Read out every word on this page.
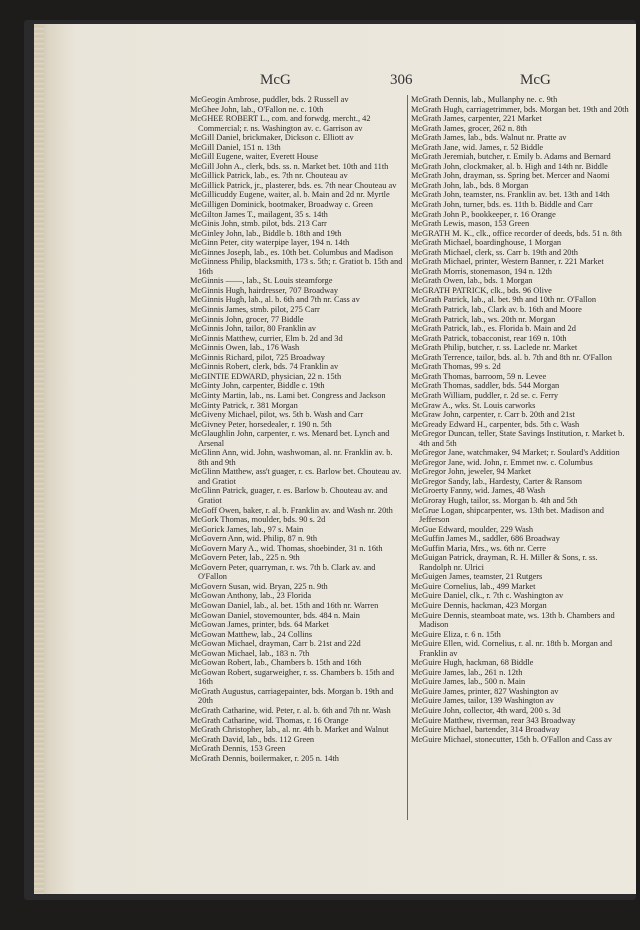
McG	306	McG
McGeogin Ambrose, puddler, bds. 2 Russell av
McGhee John, lab., O'Fallon ne. c. 10th
McGHEE ROBERT L., com. and forwdg. mercht., 42 Commercial; r. ns. Washington av. c. Garrison av
McGill Daniel, brickmaker, Dickson c. Elliott av
McGill Daniel, 151 n. 13th
McGill Eugene, waiter, Everett House
McGill John A., clerk, bds. ss. n. Market bet. 10th and 11th
McGillick Patrick, lab., es. 7th nr. Chouteau av
McGillick Patrick, jr., plasterer, bds. es. 7th near Chouteau av
McGillicuddy Eugene, waiter, al. b. Main and 2d nr. Myrtle
McGilligen Dominick, bootmaker, Broadway c. Green
McGilton James T., mailagent, 35 s. 14th
McGinis John, stmb. pilot, bds. 213 Carr
McGinley John, lab., Biddle b. 18th and 19th
McGinn Peter, city waterpipe layer, 194 n. 14th
McGinnes Joseph, lab., es. 10th bet. Columbus and Madison
McGinness Philip, blacksmith, 173 s. 5th; r. Gratiot b. 15th and 16th
McGinnis ——, lab., St. Louis steamforge
McGinnis Hugh, hairdresser, 707 Broadway
McGinnis Hugh, lab., al. b. 6th and 7th nr. Cass av
McGinnis James, stmb. pilot, 275 Carr
McGinnis John, grocer, 77 Biddle
McGinnis John, tailor, 80 Franklin av
McGinnis Matthew, currier, Elm b. 2d and 3d
McGinnis Owen, lab., 176 Wash
McGinnis Richard, pilot, 725 Broadway
McGinnis Robert, clerk, bds. 74 Franklin av
McGINTIE EDWARD, physician, 22 n. 15th
McGinty John, carpenter, Biddle c. 19th
McGinty Martin, lab., ns. Lami bet. Congress and Jackson
McGinty Patrick, r. 381 Morgan
McGiveny Michael, pilot, ws. 5th b. Wash and Carr
McGivney Peter, horsedealer, r. 190 n. 5th
McGlaughlin John, carpenter, r. ws. Menard bet. Lynch and Arsenal
McGlinn Ann, wid. John, washwoman, al. nr. Franklin av. b. 8th and 9th
McGlinn Matthew, ass't guager, r. cs. Barlow bet. Chouteau av. and Gratiot
McGlinn Patrick, guager, r. es. Barlow b. Chouteau av. and Gratiot
McGoff Owen, baker, r. al. b. Franklin av. and Wash nr. 20th
McGork Thomas, moulder, bds. 90 s. 2d
McGorick James, lab., 97 s. Main
McGovern Ann, wid. Philip, 87 n. 9th
McGovern Mary A., wid. Thomas, shoebinder, 31 n. 16th
McGovern Peter, lab., 225 n. 9th
McGovern Peter, quarryman, r. ws. 7th b. Clark av. and O'Fallon
McGovern Susan, wid. Bryan, 225 n. 9th
McGowan Anthony, lab., 23 Florida
McGowan Daniel, lab., al. bet. 15th and 16th nr. Warren
McGowan Daniel, stovemounter, bds. 484 n. Main
McGowan James, printer, bds. 64 Market
McGowan Matthew, lab., 24 Collins
McGowan Michael, drayman, Carr b. 21st and 22d
McGowan Michael, lab., 183 n. 7th
McGowan Robert, lab., Chambers b. 15th and 16th
McGowan Robert, sugarweigher, r. ss. Chambers b. 15th and 16th
McGrath Augustus, carriagepainter, bds. Morgan b. 19th and 20th
McGrath Catharine, wid. Peter, r. al. b. 6th and 7th nr. Wash
McGrath Catharine, wid. Thomas, r. 16 Orange
McGrath Christopher, lab., al. nr. 4th b. Market and Walnut
McGrath David, lab., bds. 112 Green
McGrath Dennis, 153 Green
McGrath Dennis, boilermaker, r. 205 n. 14th
McGrath Dennis, lab., Mullanphy ne. c. 9th
McGrath Hugh, carriagetrimmer, bds. Morgan bet. 19th and 20th
McGrath James, carpenter, 221 Market
McGrath James, grocer, 262 n. 8th
McGrath James, lab., bds. Walnut nr. Pratte av
McGrath Jane, wid. James, r. 52 Biddle
McGrath Jeremiah, butcher, r. Emily b. Adams and Bernard
McGrath John, clockmaker, al. b. High and 14th nr. Biddle
McGrath John, drayman, ss. Spring bet. Mercer and Naomi
McGrath John, lab., bds. 8 Morgan
McGrath John, teamster, ns. Franklin av. bet. 13th and 14th
McGrath John, turner, bds. es. 11th b. Biddle and Carr
McGrath John P., bookkeeper, r. 16 Orange
McGrath Lewis, mason, 153 Green
McGRATH M. K., clk., office recorder of deeds, bds. 51 n. 8th
McGrath Michael, boardinghouse, 1 Morgan
McGrath Michael, clerk, ss. Carr b. 19th and 20th
McGrath Michael, printer, Western Banner, r. 221 Market
McGrath Morris, stonemason, 194 n. 12th
McGrath Owen, lab., bds. 1 Morgan
McGRATH PATRICK, clk., bds. 96 Olive
McGrath Patrick, lab., al. bet. 9th and 10th nr. O'Fallon
McGrath Patrick, lab., Clark av. b. 16th and Moore
McGrath Patrick, lab., ws. 20th nr. Morgan
McGrath Patrick, lab., es. Florida b. Main and 2d
McGrath Patrick, tobacconist, rear 169 n. 10th
McGrath Philip, butcher, r. ss. Laclede nr. Market
McGrath Terrence, tailor, bds. al. b. 7th and 8th nr. O'Fallon
McGrath Thomas, 99 s. 2d
McGrath Thomas, barroom, 59 n. Levee
McGrath Thomas, saddler, bds. 544 Morgan
McGrath William, puddler, r. 2d se. c. Ferry
McGraw A., wks. St. Louis carworks
McGraw John, carpenter, r. Carr b. 20th and 21st
McGready Edward H., carpenter, bds. 5th c. Wash
McGregor Duncan, teller, State Savings Institution, r. Market b. 4th and 5th
McGregor Jane, watchmaker, 94 Market; r. Soulard's Addition
McGregor Jane, wid. John, r. Emmet nw. c. Columbus
McGregor John, jeweler, 94 Market
McGregor Sandy, lab., Hardesty, Carter & Ransom
McGroerty Fanny, wid. James, 48 Wash
McGroray Hugh, tailor, ss. Morgan b. 4th and 5th
McGrue Logan, shipcarpenter, ws. 13th bet. Madison and Jefferson
McGue Edward, moulder, 229 Wash
McGuffin James M., saddler, 686 Broadway
McGuffin Maria, Mrs., ws. 6th nr. Cerre
McGuigan Patrick, drayman, R. H. Miller & Sons, r. ss. Randolph nr. Ulrici
McGuigen James, teamster, 21 Rutgers
McGuire Cornelius, lab., 499 Market
McGuire Daniel, clk., r. 7th c. Washington av
McGuire Dennis, hackman, 423 Morgan
McGuire Dennis, steamboat mate, ws. 13th b. Chambers and Madison
McGuire Eliza, r. 6 n. 15th
McGuire Ellen, wid. Cornelius, r. al. nr. 18th b. Morgan and Franklin av
McGuire Hugh, hackman, 68 Biddle
McGuire James, lab., 261 n. 12th
McGuire James, lab., 500 n. Main
McGuire James, printer, 827 Washington av
McGuire James, tailor, 139 Washington av
McGuire John, collector, 4th ward, 200 s. 3d
McGuire Matthew, riverman, rear 343 Broadway
McGuire Michael, bartender, 314 Broadway
McGuire Michael, stonecutter, 15th b. O'Fallon and Cass av
